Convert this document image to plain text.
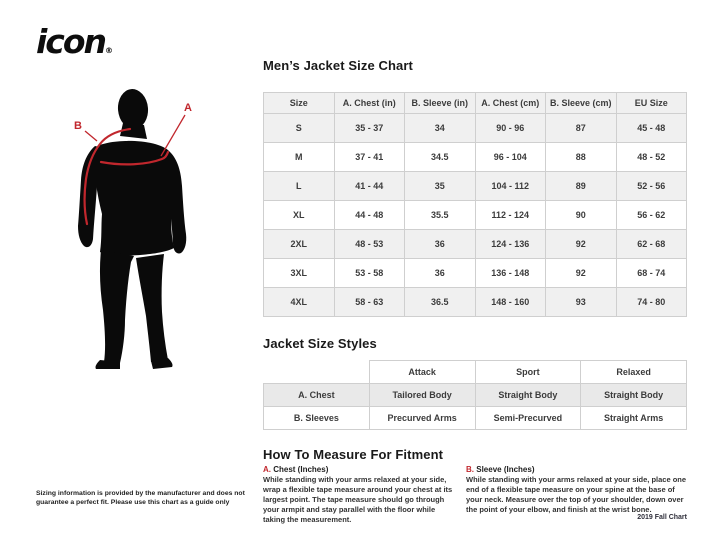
icon®
A
B
Men’s Jacket Size Chart
Size	A. Chest (in)	B. Sleeve (in)	A. Chest (cm)	B. Sleeve (cm)	EU Size
S	35 - 37	34	90 - 96	87	45 - 48
M	37 - 41	34.5	96 - 104	88	48 - 52
L	41 - 44	35	104 - 112	89	52 - 56
XL	44 - 48	35.5	112 - 124	90	56 - 62
2XL	48 - 53	36	124 - 136	92	62 - 68
3XL	53 - 58	36	136 - 148	92	68 - 74
4XL	58 - 63	36.5	148 - 160	93	74 - 80
Jacket Size Styles
	Attack	Sport	Relaxed
A. Chest	Tailored Body	Straight Body	Straight Body
B. Sleeves	Precurved Arms	Semi-Precurved	Straight Arms
How To Measure For Fitment
A. Chest (Inches)
While standing with your arms relaxed at your side, wrap a flexible tape measure around your chest at its largest point. The tape measure should go through your armpit and stay parallel with the floor while taking the measurement.
B. Sleeve (Inches)
While standing with your arms relaxed at your side, place one end of a flexible tape measure on your spine at the base of your neck. Measure over the top of your shoulder, down over the point of your elbow, and finish at the wrist bone.
Sizing information is provided by the manufacturer and does not guarantee a perfect fit. Please use this chart as a guide only
2019 Fall Chart
